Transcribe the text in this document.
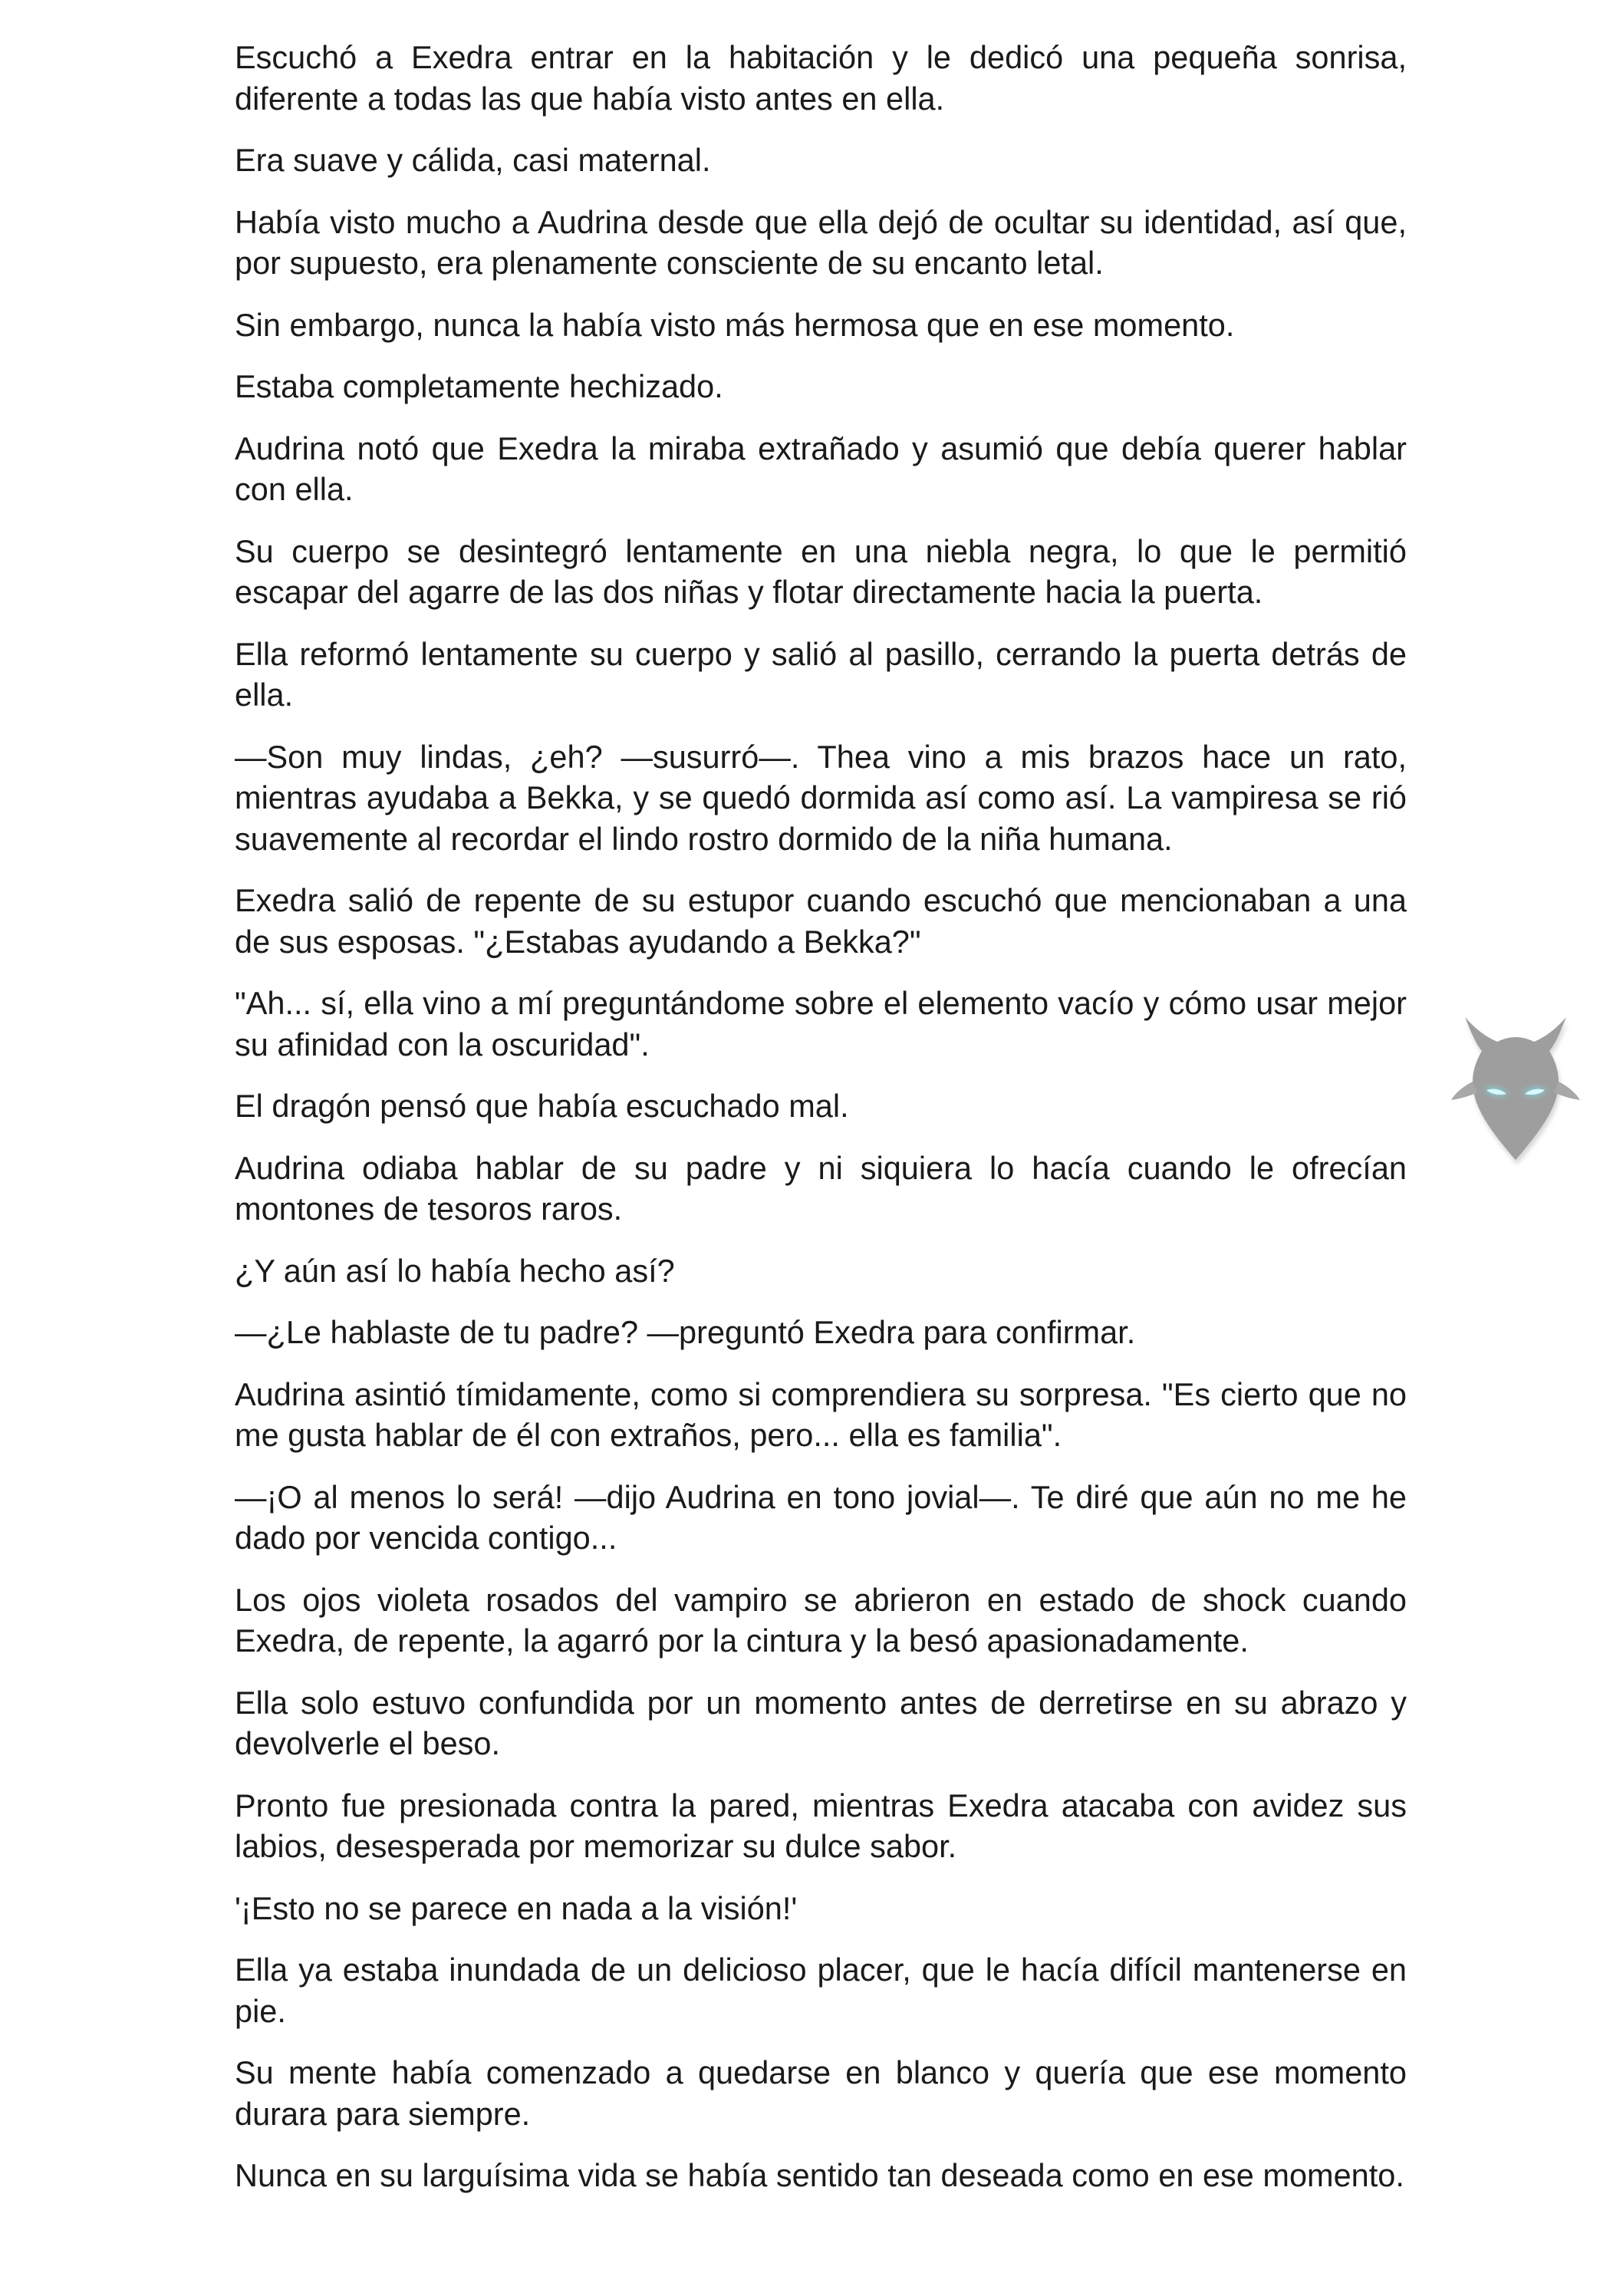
Escuchó a Exedra entrar en la habitación y le dedicó una pequeña sonrisa, diferente a todas las que había visto antes en ella.

Era suave y cálida, casi maternal.

Había visto mucho a Audrina desde que ella dejó de ocultar su identidad, así que, por supuesto, era plenamente consciente de su encanto letal.

Sin embargo, nunca la había visto más hermosa que en ese momento.

Estaba completamente hechizado.

Audrina notó que Exedra la miraba extrañado y asumió que debía querer hablar con ella.

Su cuerpo se desintegró lentamente en una niebla negra, lo que le permitió escapar del agarre de las dos niñas y flotar directamente hacia la puerta.

Ella reformó lentamente su cuerpo y salió al pasillo, cerrando la puerta detrás de ella.

—Son muy lindas, ¿eh? —susurró—. Thea vino a mis brazos hace un rato, mientras ayudaba a Bekka, y se quedó dormida así como así. La vampiresa se rió suavemente al recordar el lindo rostro dormido de la niña humana.

Exedra salió de repente de su estupor cuando escuchó que mencionaban a una de sus esposas. "¿Estabas ayudando a Bekka?"

"Ah... sí, ella vino a mí preguntándome sobre el elemento vacío y cómo usar mejor su afinidad con la oscuridad".

El dragón pensó que había escuchado mal.

Audrina odiaba hablar de su padre y ni siquiera lo hacía cuando le ofrecían montones de tesoros raros.

¿Y aún así lo había hecho así?

—¿Le hablaste de tu padre? —preguntó Exedra para confirmar.

Audrina asintió tímidamente, como si comprendiera su sorpresa. "Es cierto que no me gusta hablar de él con extraños, pero... ella es familia".

—¡O al menos lo será! —dijo Audrina en tono jovial—. Te diré que aún no me he dado por vencida contigo...

Los ojos violeta rosados del vampiro se abrieron en estado de shock cuando Exedra, de repente, la agarró por la cintura y la besó apasionadamente.

Ella solo estuvo confundida por un momento antes de derretirse en su abrazo y devolverle el beso.

Pronto fue presionada contra la pared, mientras Exedra atacaba con avidez sus labios, desesperada por memorizar su dulce sabor.

'¡Esto no se parece en nada a la visión!'

Ella ya estaba inundada de un delicioso placer, que le hacía difícil mantenerse en pie.

Su mente había comenzado a quedarse en blanco y quería que ese momento durara para siempre.

Nunca en su larguísima vida se había sentido tan deseada como en ese momento.
